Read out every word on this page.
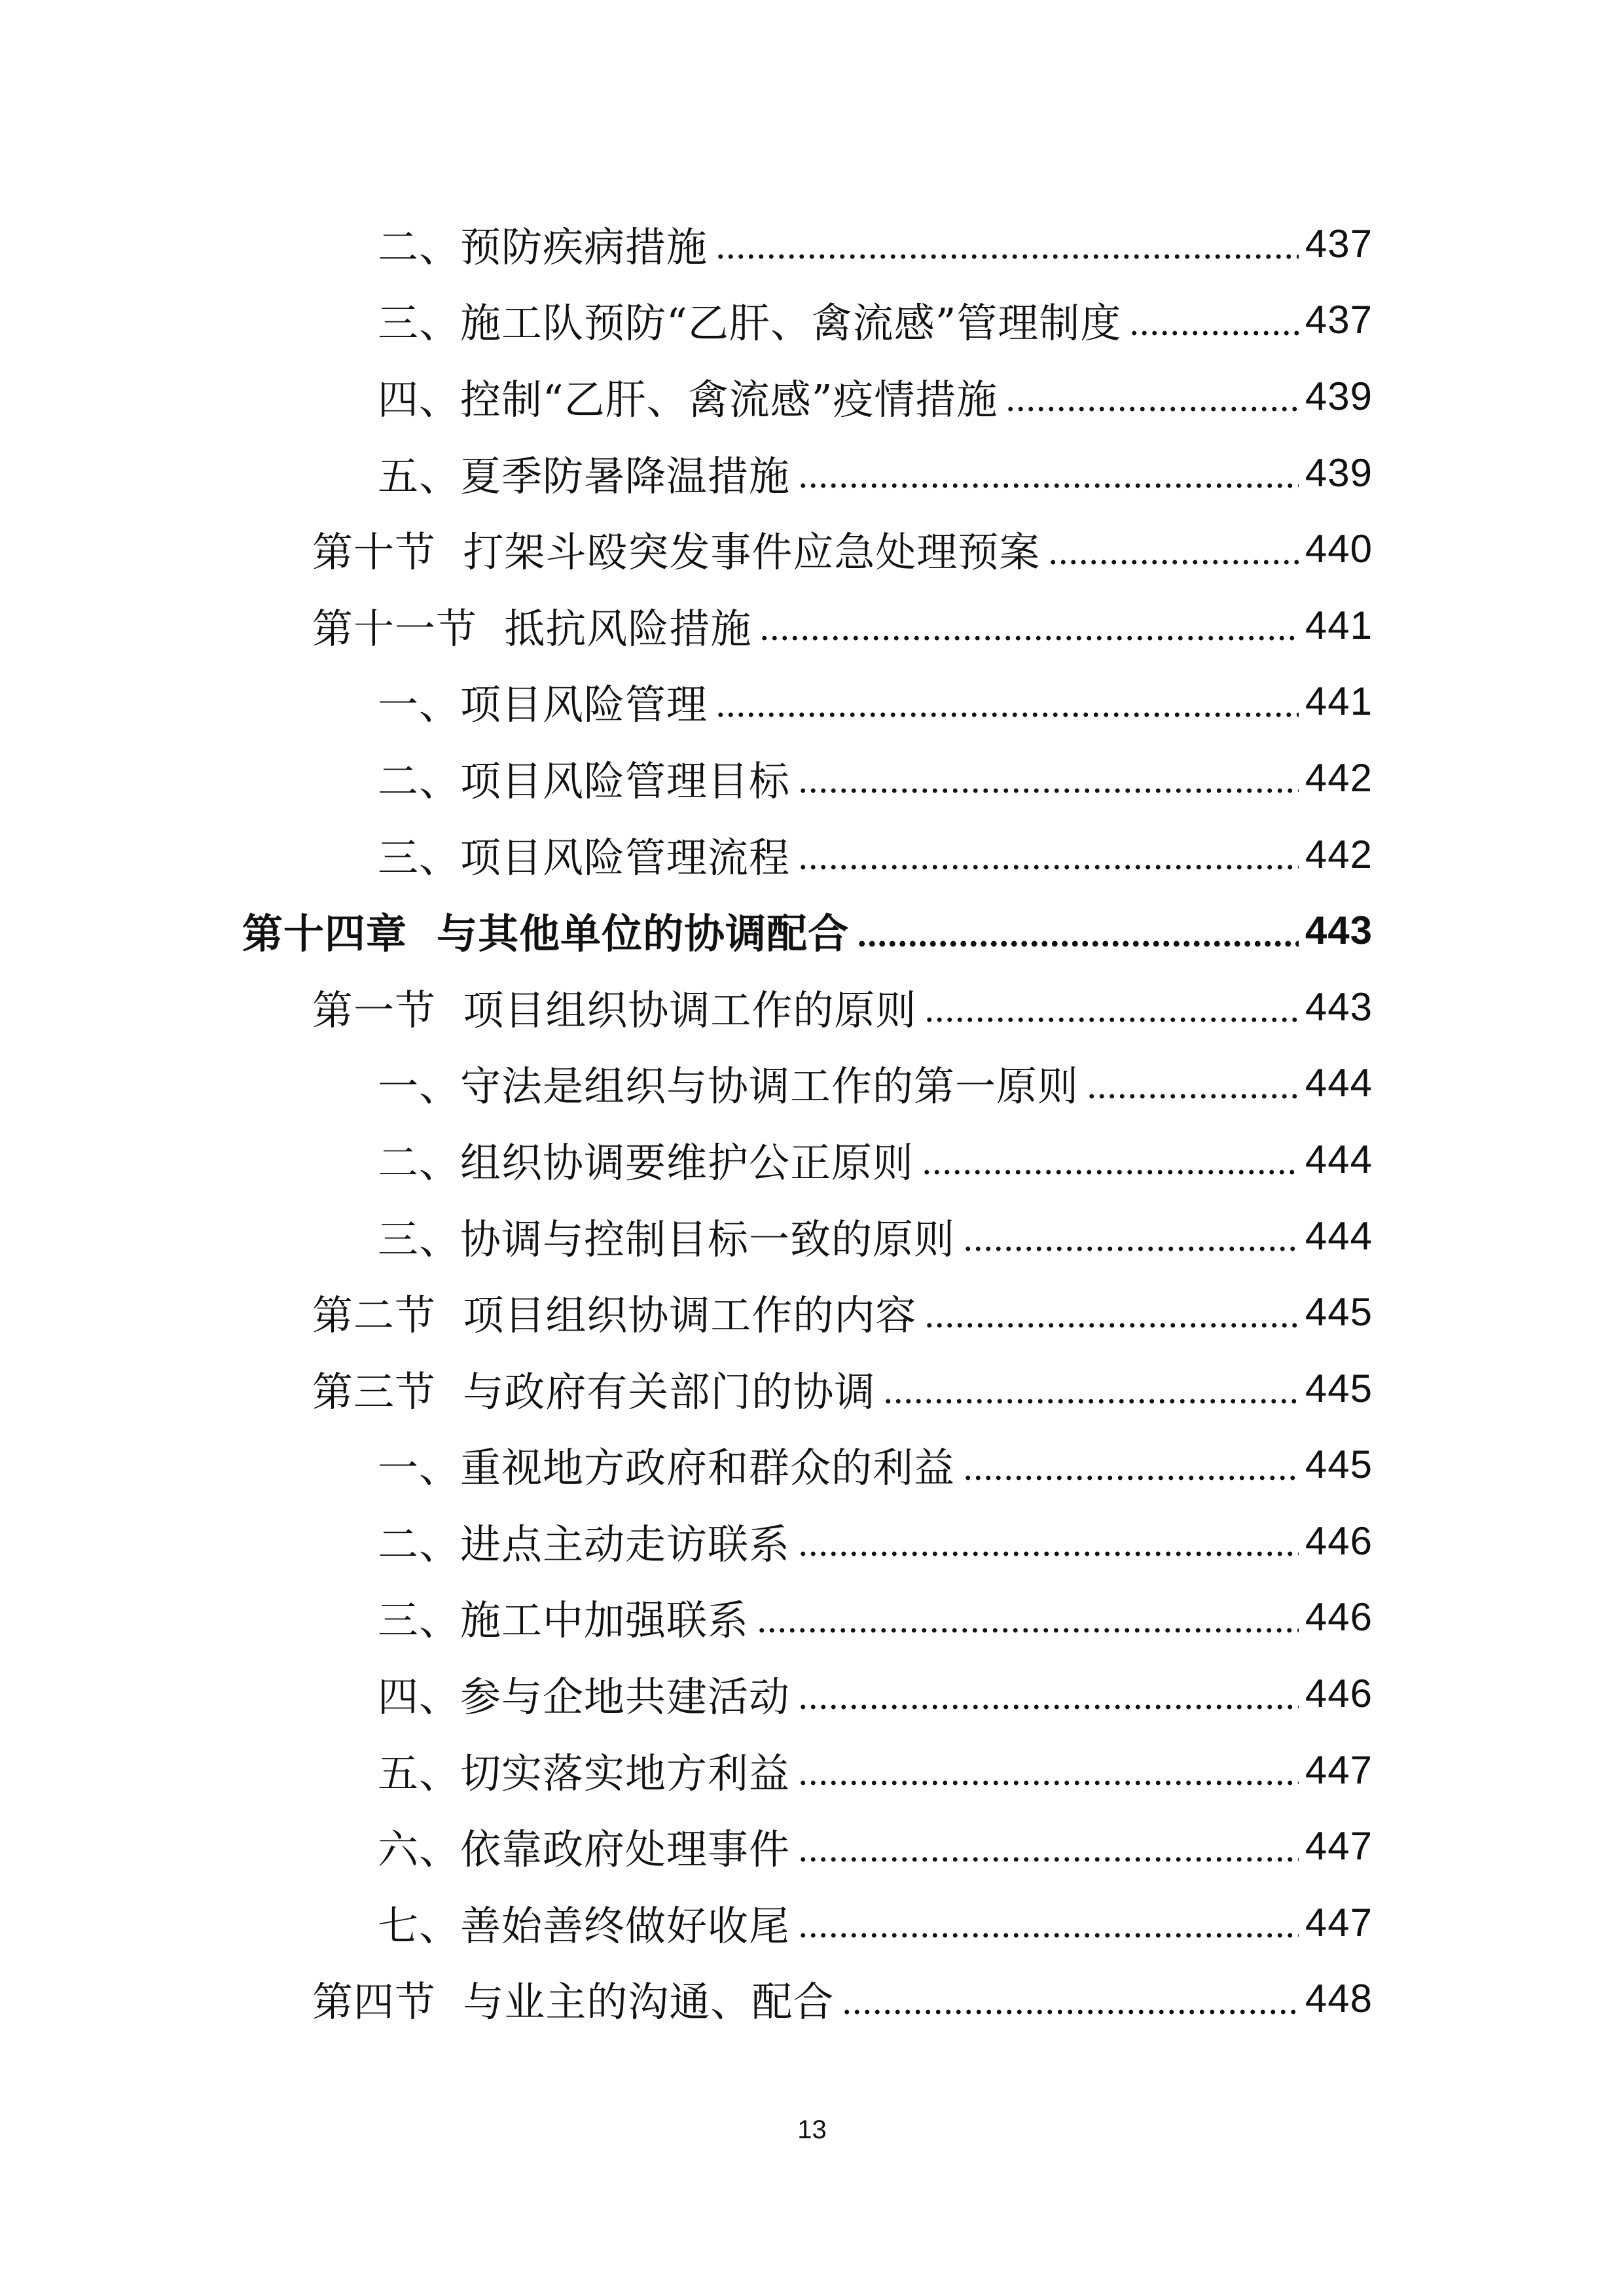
二、预防疾病措施	437
三、施工队预防“乙肝、禽流感”管理制度	437
四、控制“乙肝、禽流感”疫情措施	439
五、夏季防暑降温措施	439
第十节  打架斗殴突发事件应急处理预案	440
第十一节  抵抗风险措施	441
一、项目风险管理	441
二、项目风险管理目标	442
三、项目风险管理流程	442
第十四章  与其他单位的协调配合	443
第一节  项目组织协调工作的原则	443
一、守法是组织与协调工作的第一原则	444
二、组织协调要维护公正原则	444
三、协调与控制目标一致的原则	444
第二节  项目组织协调工作的内容	445
第三节  与政府有关部门的协调	445
一、重视地方政府和群众的利益	445
二、进点主动走访联系	446
三、施工中加强联系	446
四、参与企地共建活动	446
五、切实落实地方利益	447
六、依靠政府处理事件	447
七、善始善终做好收尾	447
第四节  与业主的沟通、配合	448
13
